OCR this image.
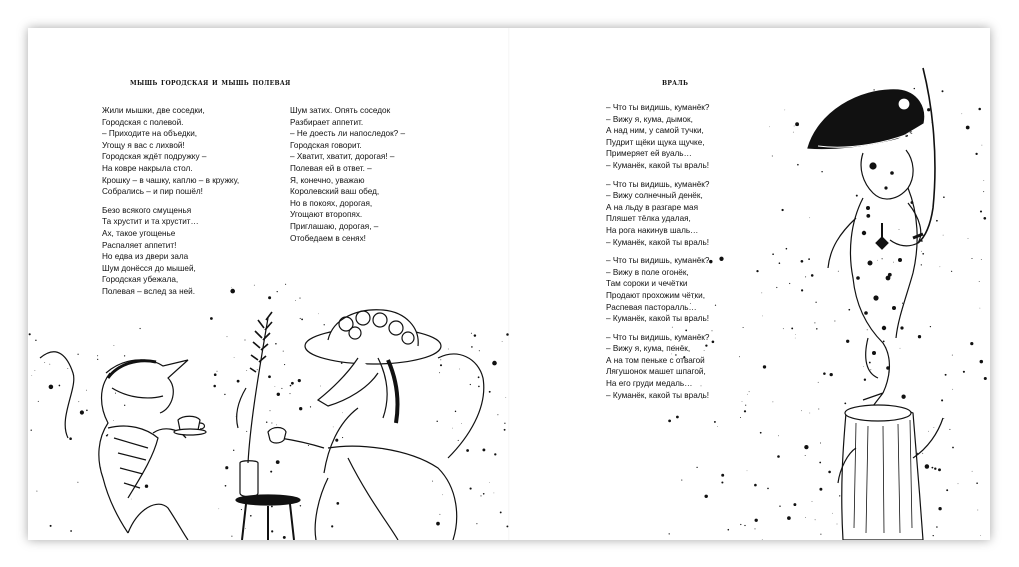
мышь городская и мышь полевая
Жили мышки, две соседки,
Городская с полевой.
– Приходите на объедки,
Угощу я вас с лихвой!
Городская ждёт подружку –
На ковре накрыла стол.
Крошку – в чашку, каплю – в кружку,
Собрались – и пир пошёл!
Безо всякого смущенья
Та хрустит и та хрустит…
Ах, такое угощенье
Распаляет аппетит!
Но едва из двери зала
Шум донёсся до мышей,
Городская убежала,
Полевая – вслед за ней.
Шум затих. Опять соседок
Разбирает аппетит.
– Не доесть ли напоследок? –
Городская говорит.
– Хватит, хватит, дорогая! –
Полевая ей в ответ. –
Я, конечно, уважаю
Королевский ваш обед,
Но в покоях, дорогая,
Угощают второпях.
Приглашаю, дорогая, –
Отобедаем в сенях!
враль
– Что ты видишь, куманёк?
– Вижу я, кума, дымок,
А над ним, у самой тучки,
Пудрит щёки щука щучке,
Примеряет ей вуаль…
– Куманёк, какой ты враль!
– Что ты видишь, куманёк?
– Вижу солнечный денёк,
А на льду в разгаре мая
Пляшет тёлка удалая,
На рога накинув шаль…
– Куманёк, какой ты враль!
– Что ты видишь, куманёк?
– Вижу в поле огонёк,
Там сороки и чечётки
Продают прохожим чётки,
Распевая пасторалль…
– Куманёк, какой ты враль!
– Что ты видишь, куманёк?
– Вижу я, кума, пенёк,
А на том пеньке с отвагой
Лягушонок машет шпагой,
На его груди медаль…
– Куманёк, какой ты враль!
